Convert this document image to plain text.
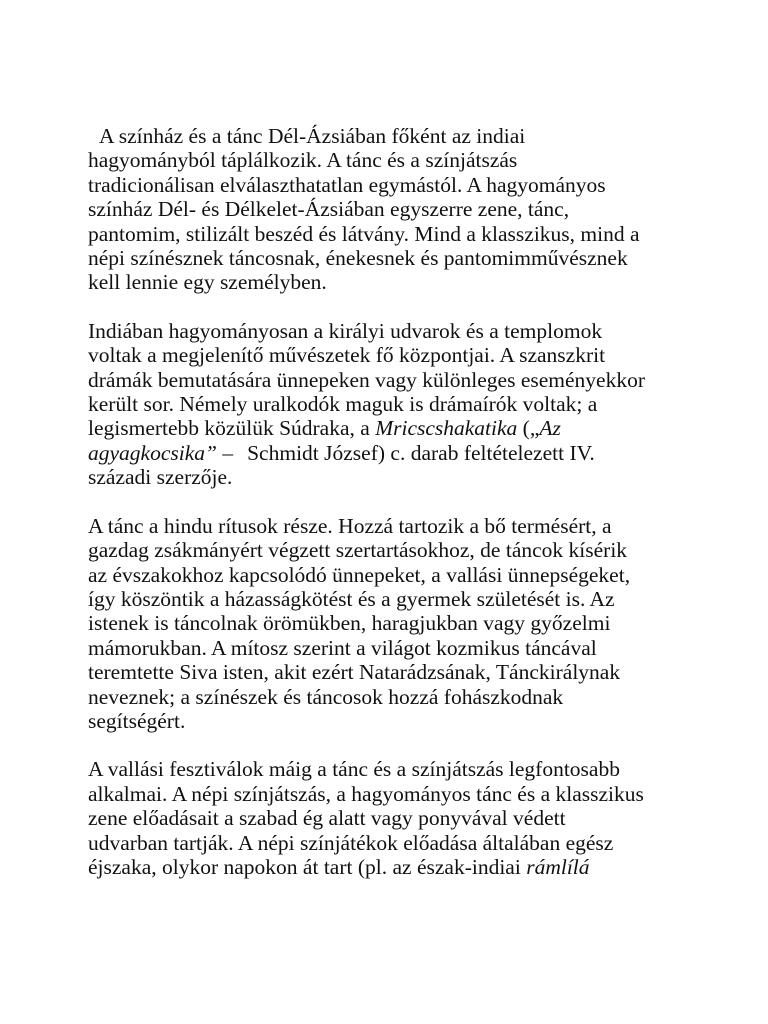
A színház és a tánc Dél-Ázsiában főként az indiai
hagyományból táplálkozik. A tánc és a színjátszás
tradicionálisan elválaszthatatlan egymástól. A hagyományos
színház Dél- és Délkelet-Ázsiában egyszerre zene, tánc,
pantomim, stilizált beszéd és látvány. Mind a klasszikus, mind a
népi színésznek táncosnak, énekesnek és pantomimművésznek
kell lennie egy személyben.

Indiában hagyományosan a királyi udvarok és a templomok
voltak a megjelenítő művészetek fő központjai. A szanszkrit
drámák bemutatására ünnepeken vagy különleges eseményekkor
került sor. Némely uralkodók maguk is drámaírók voltak; a
legismertebb közülük Súdraka, a Mricscshakatika („Az
agyagkocsika” – Schmidt József) c. darab feltételezett IV.
századi szerzője.

A tánc a hindu rítusok része. Hozzá tartozik a bő termésért, a
gazdag zsákmányért végzett szertartásokhoz, de táncok kísérik
az évszakokhoz kapcsolódó ünnepeket, a vallási ünnepségeket,
így köszöntik a házasságkötést és a gyermek születését is. Az
istenek is táncolnak örömükben, haragjukban vagy győzelmi
mámorukban. A mítosz szerint a világot kozmikus táncával
teremtette Siva isten, akit ezért Natarádzsának, Tánckirálynak
neveznek; a színészek és táncosok hozzá fohászkodnak
segítségért.

A vallási fesztiválok máig a tánc és a színjátszás legfontosabb
alkalmai. A népi színjátszás, a hagyományos tánc és a klasszikus
zene előadásait a szabad ég alatt vagy ponyvával védett
udvarban tartják. A népi színjátékok előadása általában egész
éjszaka, olykor napokon át tart (pl. az észak-indiai rámlílá
